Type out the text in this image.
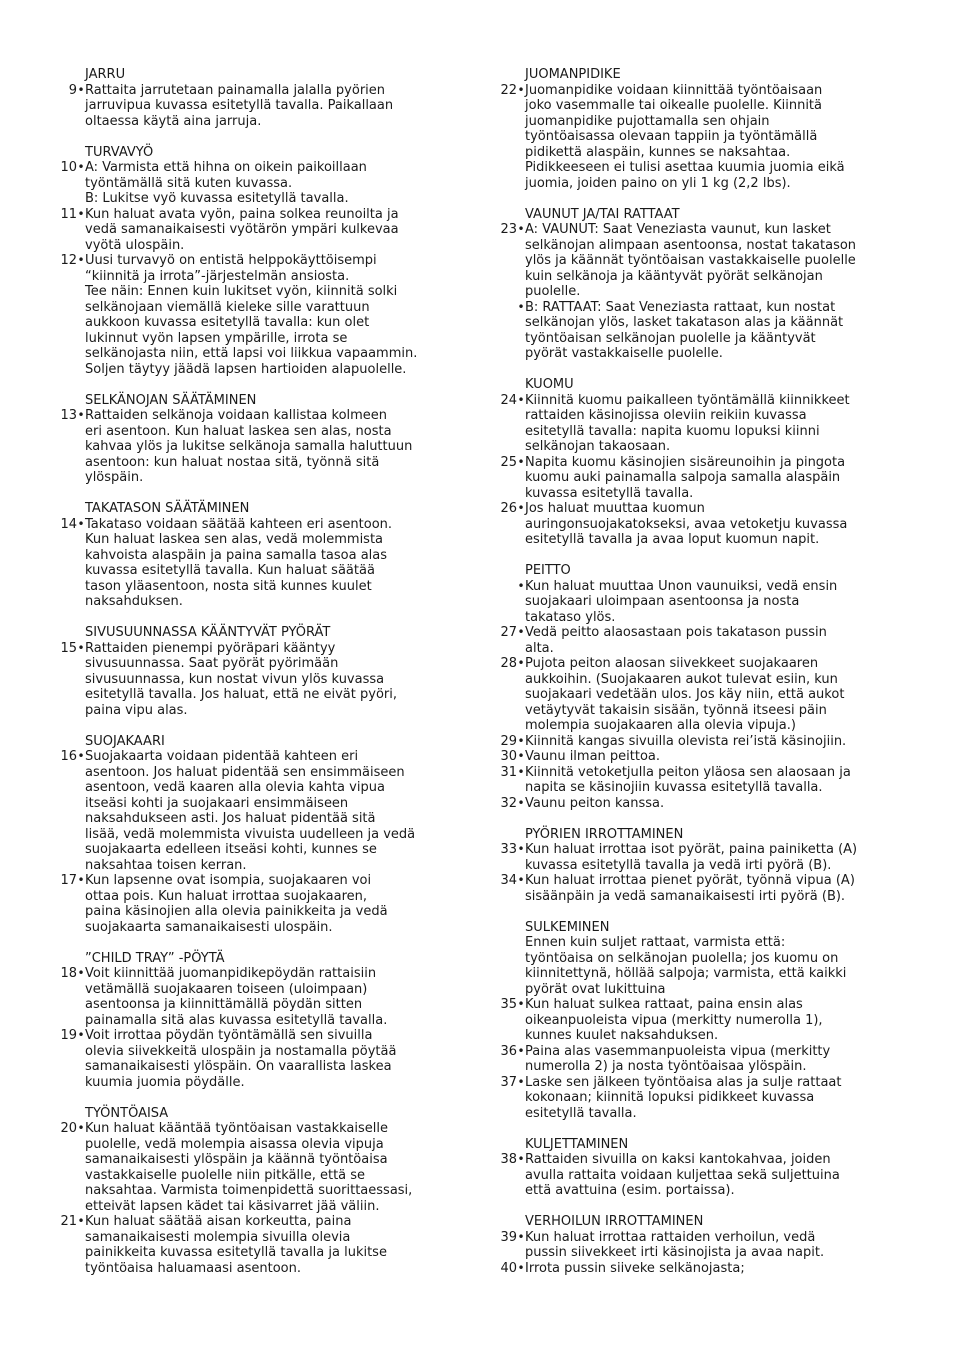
JARRU
9 • Rattaita jarrutetaan painamalla jalalla pyörien
jarruvipua kuvassa esitetyllä tavalla. Paikallaan
oltaessa käytä aina jarruja.
TURVAVYÖ
10 • A: Varmista että hihna on oikein paikoillaan
työntämällä sitä kuten kuvassa.
B: Lukitse vyö kuvassa esitetyllä tavalla.
11 • Kun haluat avata vyön, paina solkea reunoilta ja
vedä samanaikaisesti vyötärön ympäri kulkevaa
vyötä ulospäin.
12 • Uusi turvavyö on entistä helppokäyttöisempi
“kiinnitä ja irrota”-järjestelmän ansiosta.
Tee näin: Ennen kuin lukitset vyön, kiinnitä solki
selkänojaan viemällä kieleke sille varattuun
aukkoon kuvassa esitetyllä tavalla: kun olet
lukinnut vyön lapsen ympärille, irrota se
selkänojasta niin, että lapsi voi liikkua vapaammin.
Soljen täytyy jäädä lapsen hartioiden alapuolelle.
SELKÄNOJAN SÄÄTÄMINEN
13 • Rattaiden selkänoja voidaan kallistaa kolmeen
eri asentoon. Kun haluat laskea sen alas, nosta
kahvaa ylös ja lukitse selkänoja samalla haluttuun
asentoon: kun haluat nostaa sitä, työnnä sitä
ylöspäin.
TAKATASON SÄÄTÄMINEN
14 • Takataso voidaan säätää kahteen eri asentoon.
Kun haluat laskea sen alas, vedä molemmista
kahvoista alaspäin ja paina samalla tasoa alas
kuvassa esitetyllä tavalla. Kun haluat säätää
tason yläasentoon, nosta sitä kunnes kuulet
naksahduksen.
SIVUSUUNNASSA KÄÄNTYVÄT PYÖRÄT
15 • Rattaiden pienempi pyöräpari kääntyy
sivusuunnassa. Saat pyörät pyörimään
sivusuunnassa, kun nostat vivun ylös kuvassa
esitetyllä tavalla. Jos haluat, että ne eivät pyöri,
paina vipu alas.
SUOJAKAARI
16 • Suojakaarta voidaan pidentää kahteen eri
asentoon. Jos haluat pidentää sen ensimmäiseen
asentoon, vedä kaaren alla olevia kahta vipua
itseäsi kohti ja suojakaari ensimmäiseen
naksahdukseen asti. Jos haluat pidentää sitä
lisää, vedä molemmista vivuista uudelleen ja vedä
suojakaarta edelleen itseäsi kohti, kunnes se
naksahtaa toisen kerran.
17 • Kun lapsenne ovat isompia, suojakaaren voi
ottaa pois. Kun haluat irrottaa suojakaaren,
paina käsinojien alla olevia painikkeita ja vedä
suojakaarta samanaikaisesti ulospäin.
”CHILD TRAY” -PÖYTÄ
18 • Voit kiinnittää juomanpidikepöydän rattaisiin
vetämällä suojakaaren toiseen (uloimpaan)
asentoonsa ja kiinnittämällä pöydän sitten
painamalla sitä alas kuvassa esitetyllä tavalla.
19 • Voit irrottaa pöydän työntämällä sen sivuilla
olevia siivekkeitä ulospäin ja nostamalla pöytää
samanaikaisesti ylöspäin. On vaarallista laskea
kuumia juomia pöydälle.
TYÖNTÖAISA
20 • Kun haluat kääntää työntöaisan vastakkaiselle
puolelle, vedä molempia aisassa olevia vipuja
samanaikaisesti ylöspäin ja käännä työntöaisa
vastakkaiselle puolelle niin pitkälle, että se
naksahtaa. Varmista toimenpidettä suorittaessasi,
etteivät lapsen kädet tai käsivarret jää väliin.
21 • Kun haluat säätää aisan korkeutta, paina
samanaikaisesti molempia sivuilla olevia
painikkeita kuvassa esitetyllä tavalla ja lukitse
työntöaisa haluamaasi asentoon.
JUOMANPIDIKE
22 • Juomanpidike voidaan kiinnittää työntöaisaan
joko vasemmalle tai oikealle puolelle. Kiinnitä
juomanpidike pujottamalla sen ohjain
työntöaisassa olevaan tappiin ja työntämällä
pidikettä alaspäin, kunnes se naksahtaa.
Pidikkeeseen ei tulisi asettaa kuumia juomia eikä
juomia, joiden paino on yli 1 kg (2,2 lbs).
VAUNUT JA/TAI RATTAAT
23 • A: VAUNUT: Saat Veneziasta vaunut, kun lasket
selkänojan alimpaan asentoonsa, nostat takatason
ylös ja käännät työntöaisan vastakkaiselle puolelle
kuin selkänoja ja kääntyvät pyörät selkänojan
puolelle.
• B: RATTAAT: Saat Veneziasta rattaat, kun nostat
selkänojan ylös, lasket takatason alas ja käännät
työntöaisan selkänojan puolelle ja kääntyvät
pyörät vastakkaiselle puolelle.
KUOMU
24 • Kiinnitä kuomu paikalleen työntämällä kiinnikkeet
rattaiden käsinojissa oleviin reikiin kuvassa
esitetyllä tavalla: napita kuomu lopuksi kiinni
selkänojan takaosaan.
25 • Napita kuomu käsinojien sisäreunoihin ja pingota
kuomu auki painamalla salpoja samalla alaspäin
kuvassa esitetyllä tavalla.
26 • Jos haluat muuttaa kuomun
auringonsuojakatokseksi, avaa vetoketju kuvassa
esitetyllä tavalla ja avaa loput kuomun napit.
PEITTO
• Kun haluat muuttaa Unon vaunuiksi, vedä ensin
suojakaari uloimpaan asentoonsa ja nosta
takataso ylös.
27 • Vedä peitto alaosastaan pois takatason pussin
alta.
28 • Pujota peiton alaosan siivekkeet suojakaaren
aukkoihin. (Suojakaaren aukot tulevat esiin, kun
suojakaari vedetään ulos. Jos käy niin, että aukot
vetäytyvät takaisin sisään, työnnä itseesi päin
molempia suojakaaren alla olevia vipuja.)
29 • Kiinnitä kangas sivuilla olevista rei’istä käsinojiin.
30 • Vaunu ilman peittoa.
31 • Kiinnitä vetoketjulla peiton yläosa sen alaosaan ja
napita se käsinojiin kuvassa esitetyllä tavalla.
32 • Vaunu peiton kanssa.
PYÖRIEN IRROTTAMINEN
33 • Kun haluat irrottaa isot pyörät, paina painiketta (A)
kuvassa esitetyllä tavalla ja vedä irti pyörä (B).
34 • Kun haluat irrottaa pienet pyörät, työnnä vipua (A)
sisäänpäin ja vedä samanaikaisesti irti pyörä (B).
SULKEMINEN
Ennen kuin suljet rattaat, varmista että:
työntöaisa on selkänojan puolella; jos kuomu on
kiinnitettynä, höllää salpoja; varmista, että kaikki
pyörät ovat lukittuina
35 • Kun haluat sulkea rattaat, paina ensin alas
oikeanpuoleista vipua (merkitty numerolla 1),
kunnes kuulet naksahduksen.
36 • Paina alas vasemmanpuoleista vipua (merkitty
numerolla 2) ja nosta työntöaisaa ylöspäin.
37 • Laske sen jälkeen työntöaisa alas ja sulje rattaat
kokonaan; kiinnitä lopuksi pidikkeet kuvassa
esitetyllä tavalla.
KULJETTAMINEN
38 • Rattaiden sivuilla on kaksi kantokahvaa, joiden
avulla rattaita voidaan kuljettaa sekä suljettuina
että avattuina (esim. portaissa).
VERHOILUN IRROTTAMINEN
39 • Kun haluat irrottaa rattaiden verhoilun, vedä
pussin siivekkeet irti käsinojista ja avaa napit.
40 • Irrota pussin siiveke selkänojasta;
